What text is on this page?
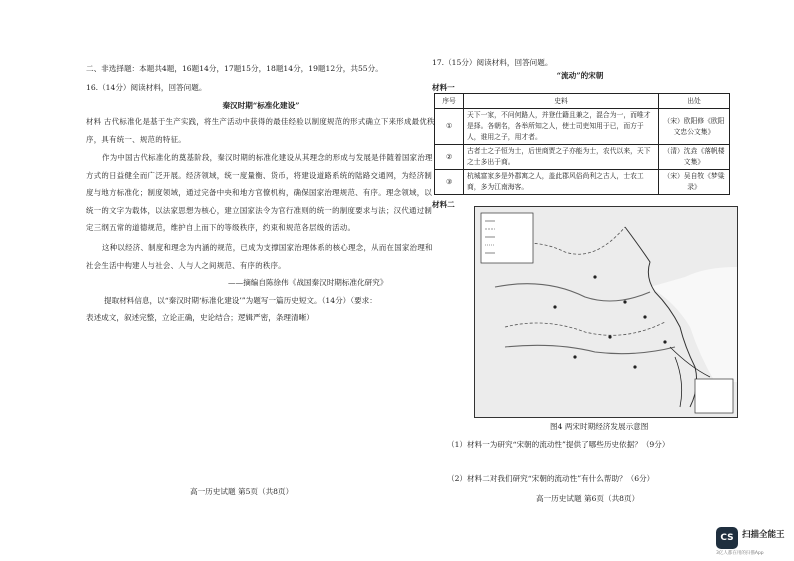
二、非选择题：本题共4题，16题14分，17题15分，18题14分，19题12分，共55分。
16.（14分）阅读材料，回答问题。
秦汉时期“标准化建设”
材料 古代标准化是基于生产实践，将生产活动中获得的最佳经验以制度规范的形式确立下来形成最优秩序，具有统一、规范的特征。
作为中国古代标准化的奠基阶段，秦汉时期的标准化建设从其理念的形成与发展是伴随着国家治理方式的日益健全而广泛开展。经济领域，统一度量衡、货币，将建设道路系统的陆路交通网，为经济制度与地方标准化；制度领域，通过完备中央和地方官僚机构，确保国家治理规范、有序。理念领域，以统一的文字为载体，以法家思想为核心，建立国家法令为官行准则的统一的制度要求与法；汉代通过制定三纲五常的道德规范，维护自上而下的等级秩序，约束和规范各层级的活动。
这种以经济、制度和理念为内涵的规范，已成为支撑国家治理体系的核心理念，从而在国家治理和社会生活中构建人与社会、人与人之间规范、有序的秩序。
——摘编自陈徐伟《战国秦汉时期标准化研究》
提取材料信息，以“秦汉时期‘标准化建设’”为题写一篇历史短文。（14分）（要求：
表述成文，叙述完整，立论正确，史论结合；逻辑严密，条理清晰）
高一历史试题 第5页（共8页）
17.（15分）阅读材料，回答问题。
“流动”的宋朝
材料一
序号	史料	出处
①	天下一家，不问何路人，并登仕籍且兼之，混合为一，而唯才是择。各朝名，各举所知之人，使士司吏知用于已，而方于人，谁用之子，用才者。	（宋）欧阳修《欧阳文忠公文集》
②	古者士之子恒为士，后世商贾之子亦能为士，农代以来，天下之士多出于商。	（清）沈垚《落帆楼文集》
③	杭城富家多是外郡寓之人，盖此郡风俗尚利之古人，士农工商，多为江南海客。	（宋）吴自牧《梦粱录》
材料二
图4 两宋时期经济发展示意图
（1）材料一为研究“宋朝的流动性”提供了哪些历史依据？（9分）
（2）材料二对我们研究“宋朝的流动性”有什么帮助？（6分）
高一历史试题 第6页（共8页）
CS 扫描全能王
3亿人都在用的扫描App
